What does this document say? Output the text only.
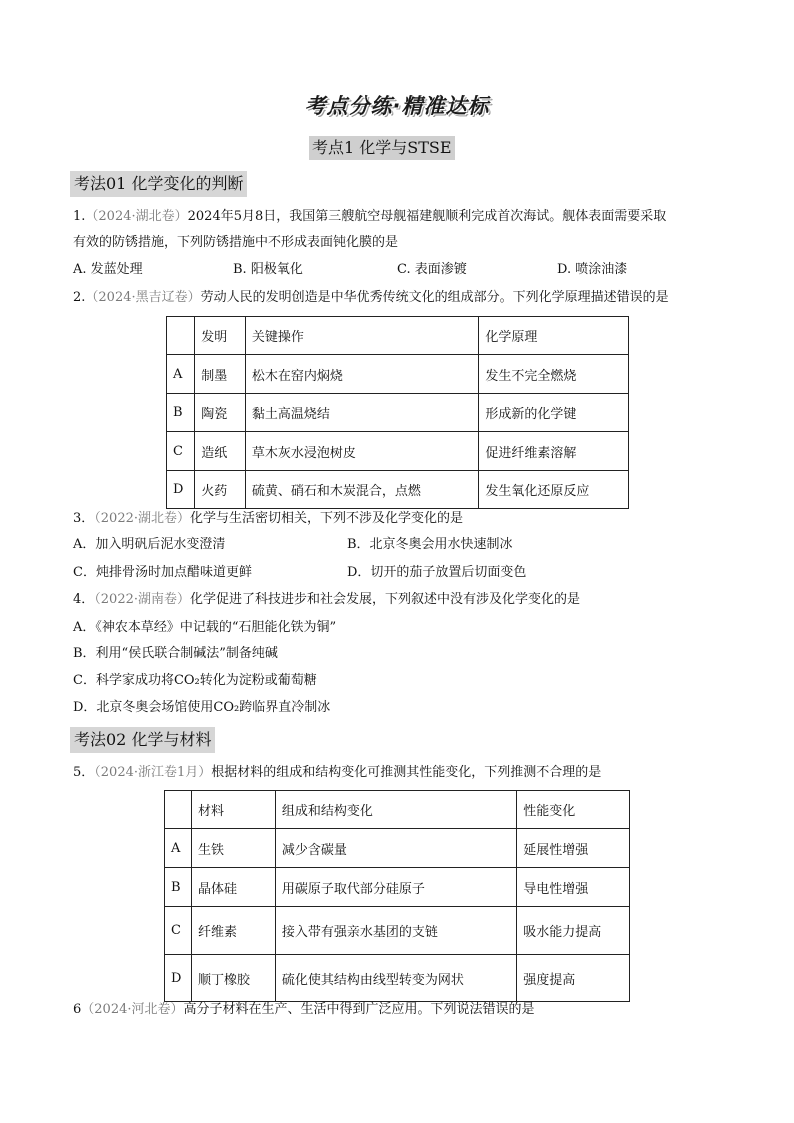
考点分练·精准达标
考点1 化学与STSE
考法01 化学变化的判断
1.（2024·湖北卷）2024年5月8日，我国第三艘航空母舰福建舰顺利完成首次海试。舰体表面需要采取
有效的防锈措施，下列防锈措施中不形成表面钝化膜的是
A. 发蓝处理	B. 阳极氧化	C. 表面渗镀	D. 喷涂油漆
2.（2024·黑吉辽卷）劳动人民的发明创造是中华优秀传统文化的组成部分。下列化学原理描述错误的是
	发明	关键操作	化学原理
A	制墨	松木在窑内焖烧	发生不完全燃烧
B	陶瓷	黏土高温烧结	形成新的化学键
C	造纸	草木灰水浸泡树皮	促进纤维素溶解
D	火药	硫黄、硝石和木炭混合，点燃	发生氧化还原反应
3．（2022·湖北卷）化学与生活密切相关，下列不涉及化学变化的是
A．加入明矾后泥水变澄清	B．北京冬奥会用水快速制冰
C．炖排骨汤时加点醋味道更鲜	D．切开的茄子放置后切面变色
4．（2022·湖南卷）化学促进了科技进步和社会发展，下列叙述中没有涉及化学变化的是
A．《神农本草经》中记载的“石胆能化铁为铜”
B．利用“侯氏联合制碱法”制备纯碱
C．科学家成功将CO₂转化为淀粉或葡萄糖
D．北京冬奥会场馆使用CO₂跨临界直冷制冰
考法02 化学与材料
5．（2024·浙江卷1月）根据材料的组成和结构变化可推测其性能变化，下列推测不合理的是
	材料	组成和结构变化	性能变化
A	生铁	减少含碳量	延展性增强
B	晶体硅	用碳原子取代部分硅原子	导电性增强
C	纤维素	接入带有强亲水基团的支链	吸水能力提高
D	顺丁橡胶	硫化使其结构由线型转变为网状	强度提高
6（2024·河北卷）高分子材料在生产、生活中得到广泛应用。下列说法错误的是
